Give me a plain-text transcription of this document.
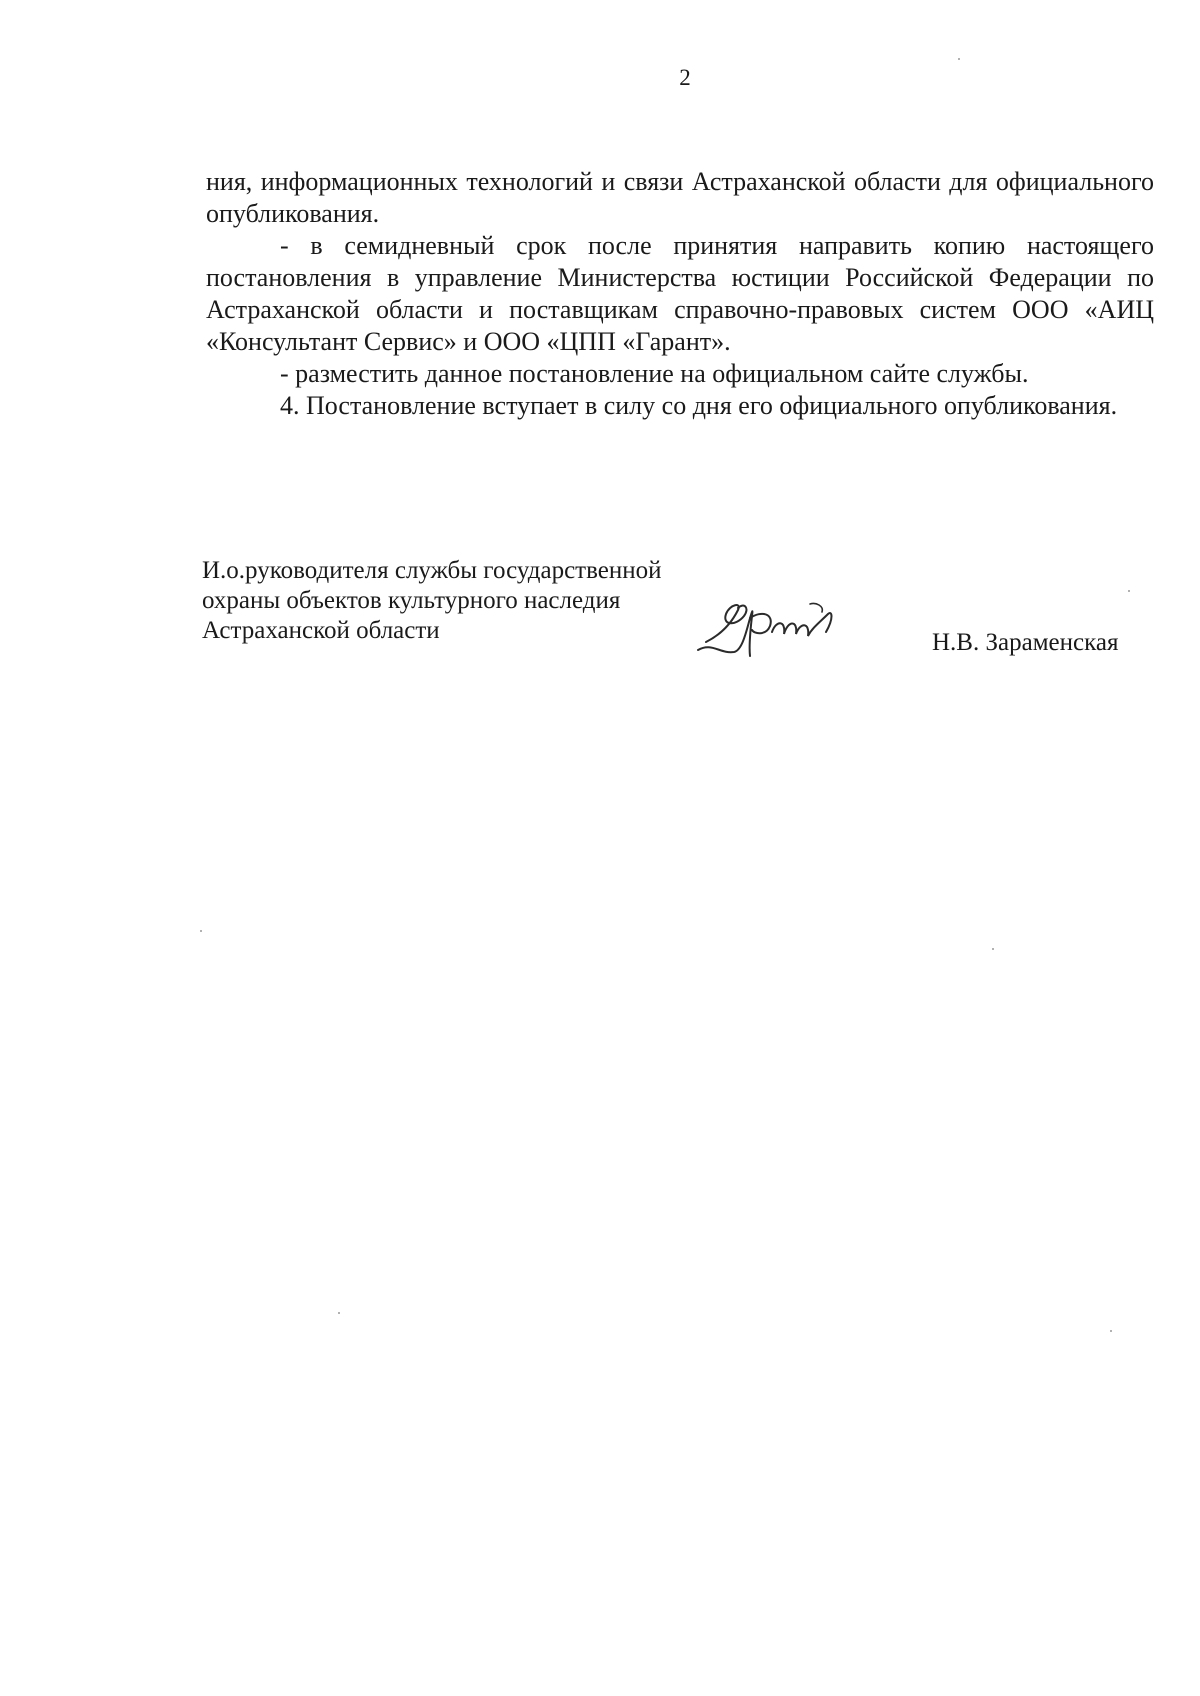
2

ния, информационных технологий и связи Астраханской области для официального опубликования.

- в семидневный срок после принятия направить копию настоящего постановления в управление Министерства юстиции Российской Федерации по Астраханской области и поставщикам справочно-правовых систем ООО «АИЦ «Консультант Сервис» и ООО «ЦПП «Гарант».

- разместить данное постановление на официальном сайте службы.

4. Постановление вступает в силу со дня его официального опубликования.

И.о.руководителя службы государственной
охраны объектов культурного наследия
Астраханской области	Н.В. Зараменская
